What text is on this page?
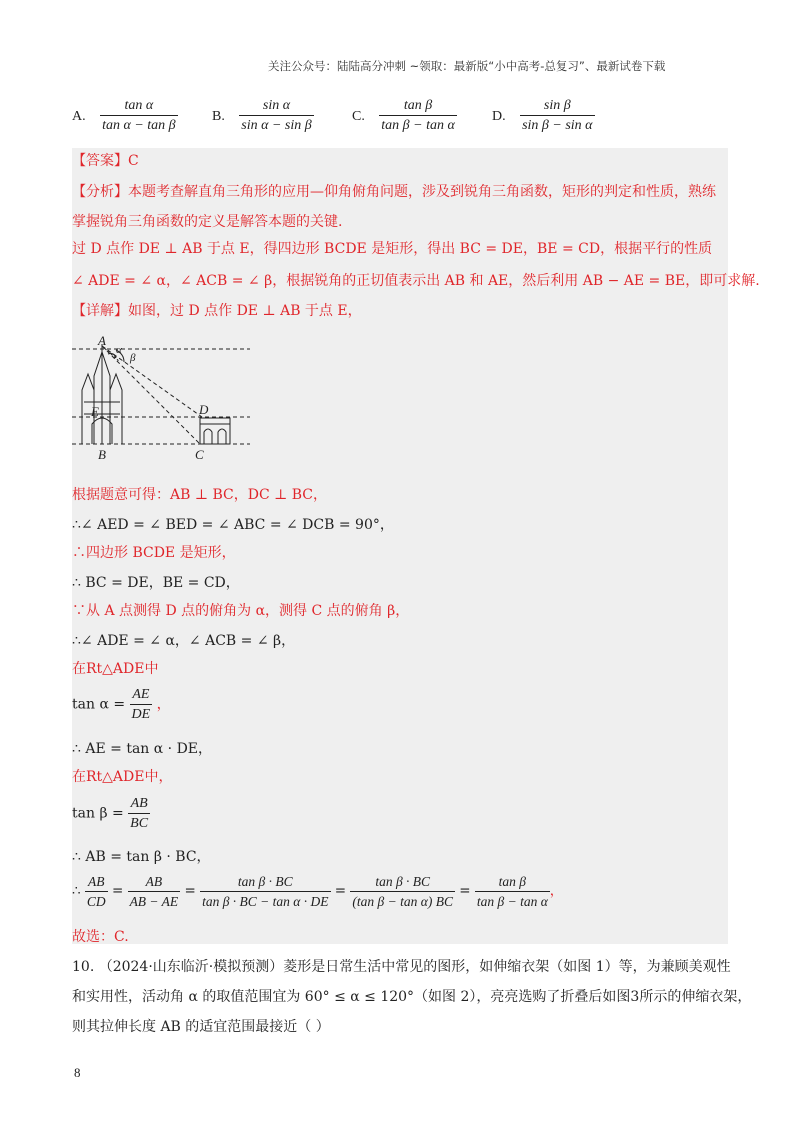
关注公众号：陆陆高分冲刺 ~领取：最新版“小中高考-总复习”、最新试卷下载
A. $\frac{\text{tan α}}{\text{tan α − tan β}} B$. $\frac{\text{sin α}}{\text{sin α − sin β}}$	C. $\frac{\text{tan β}}{\text{tan β − tan α}}$	D. $\frac{\text{sin β}}{\text{sin β − sin α}}$
【答案】C
【分析】本题考查解直角三角形的应用—仰角俯角问题，涉及到锐角三角函数，矩形的判定和性质，熟练
掌握锐角三角函数的定义是解答本题的关键.
过 D 点作 DE ⊥ AB 于点 E，得四边形 BCDE 是矩形，得出 BC = DE，BE = CD，根据平行的性质
∠ ADE = ∠ α，∠ ACB = ∠ β，根据锐角的正切值表示出 AB 和 AE，然后利用 AB − AE = BE，即可求解.
【详解】如图，过 D 点作 DE ⊥ AB 于点 E，
A
α
β
D
E
B	C
根据题意可得：AB ⊥ BC，DC ⊥ BC，
∴∠ AED = ∠ BED = ∠ ABC = ∠ DCB = 90°，
∴四边形 BCDE 是矩形，
∴ BC = DE，BE = CD，
∵从 A 点测得 D 点的俯角为 α，测得 C 点的俯角 β，
∴∠ ADE = ∠ α，∠ ACB = ∠ β，
在Rt△ADE中
$\tan \alpha = \frac{AE}{DE}$ ，
∴ AE = tan α · DE，
在Rt△ADE中，
$\tan \beta = \frac{AB}{BC}$
∴ AB = tan β · BC，
∴ $\frac{AB}{CD} = \frac{AB}{AB - AE} = \frac{\text{tan β · BC}}{\text{tan β · BC − tan α · DE}} = \frac{\text{tan β · BC}}{\text{(tan β − tan α) BC}} = \frac{\text{tan β}}{\text{tan β − tan α}}$ ，
故选：C.
10. （2024·山东临沂·模拟预测）菱形是日常生活中常见的图形，如伸缩衣架（如图 1）等，为兼顾美观性
和实用性，活动角 α 的取值范围宜为 60° ≤ α ≤ 120°（如图 2），亮亮选购了折叠后如图3所示的伸缩衣架，
则其拉伸长度 AB 的适宜范围最接近（ ）
8
